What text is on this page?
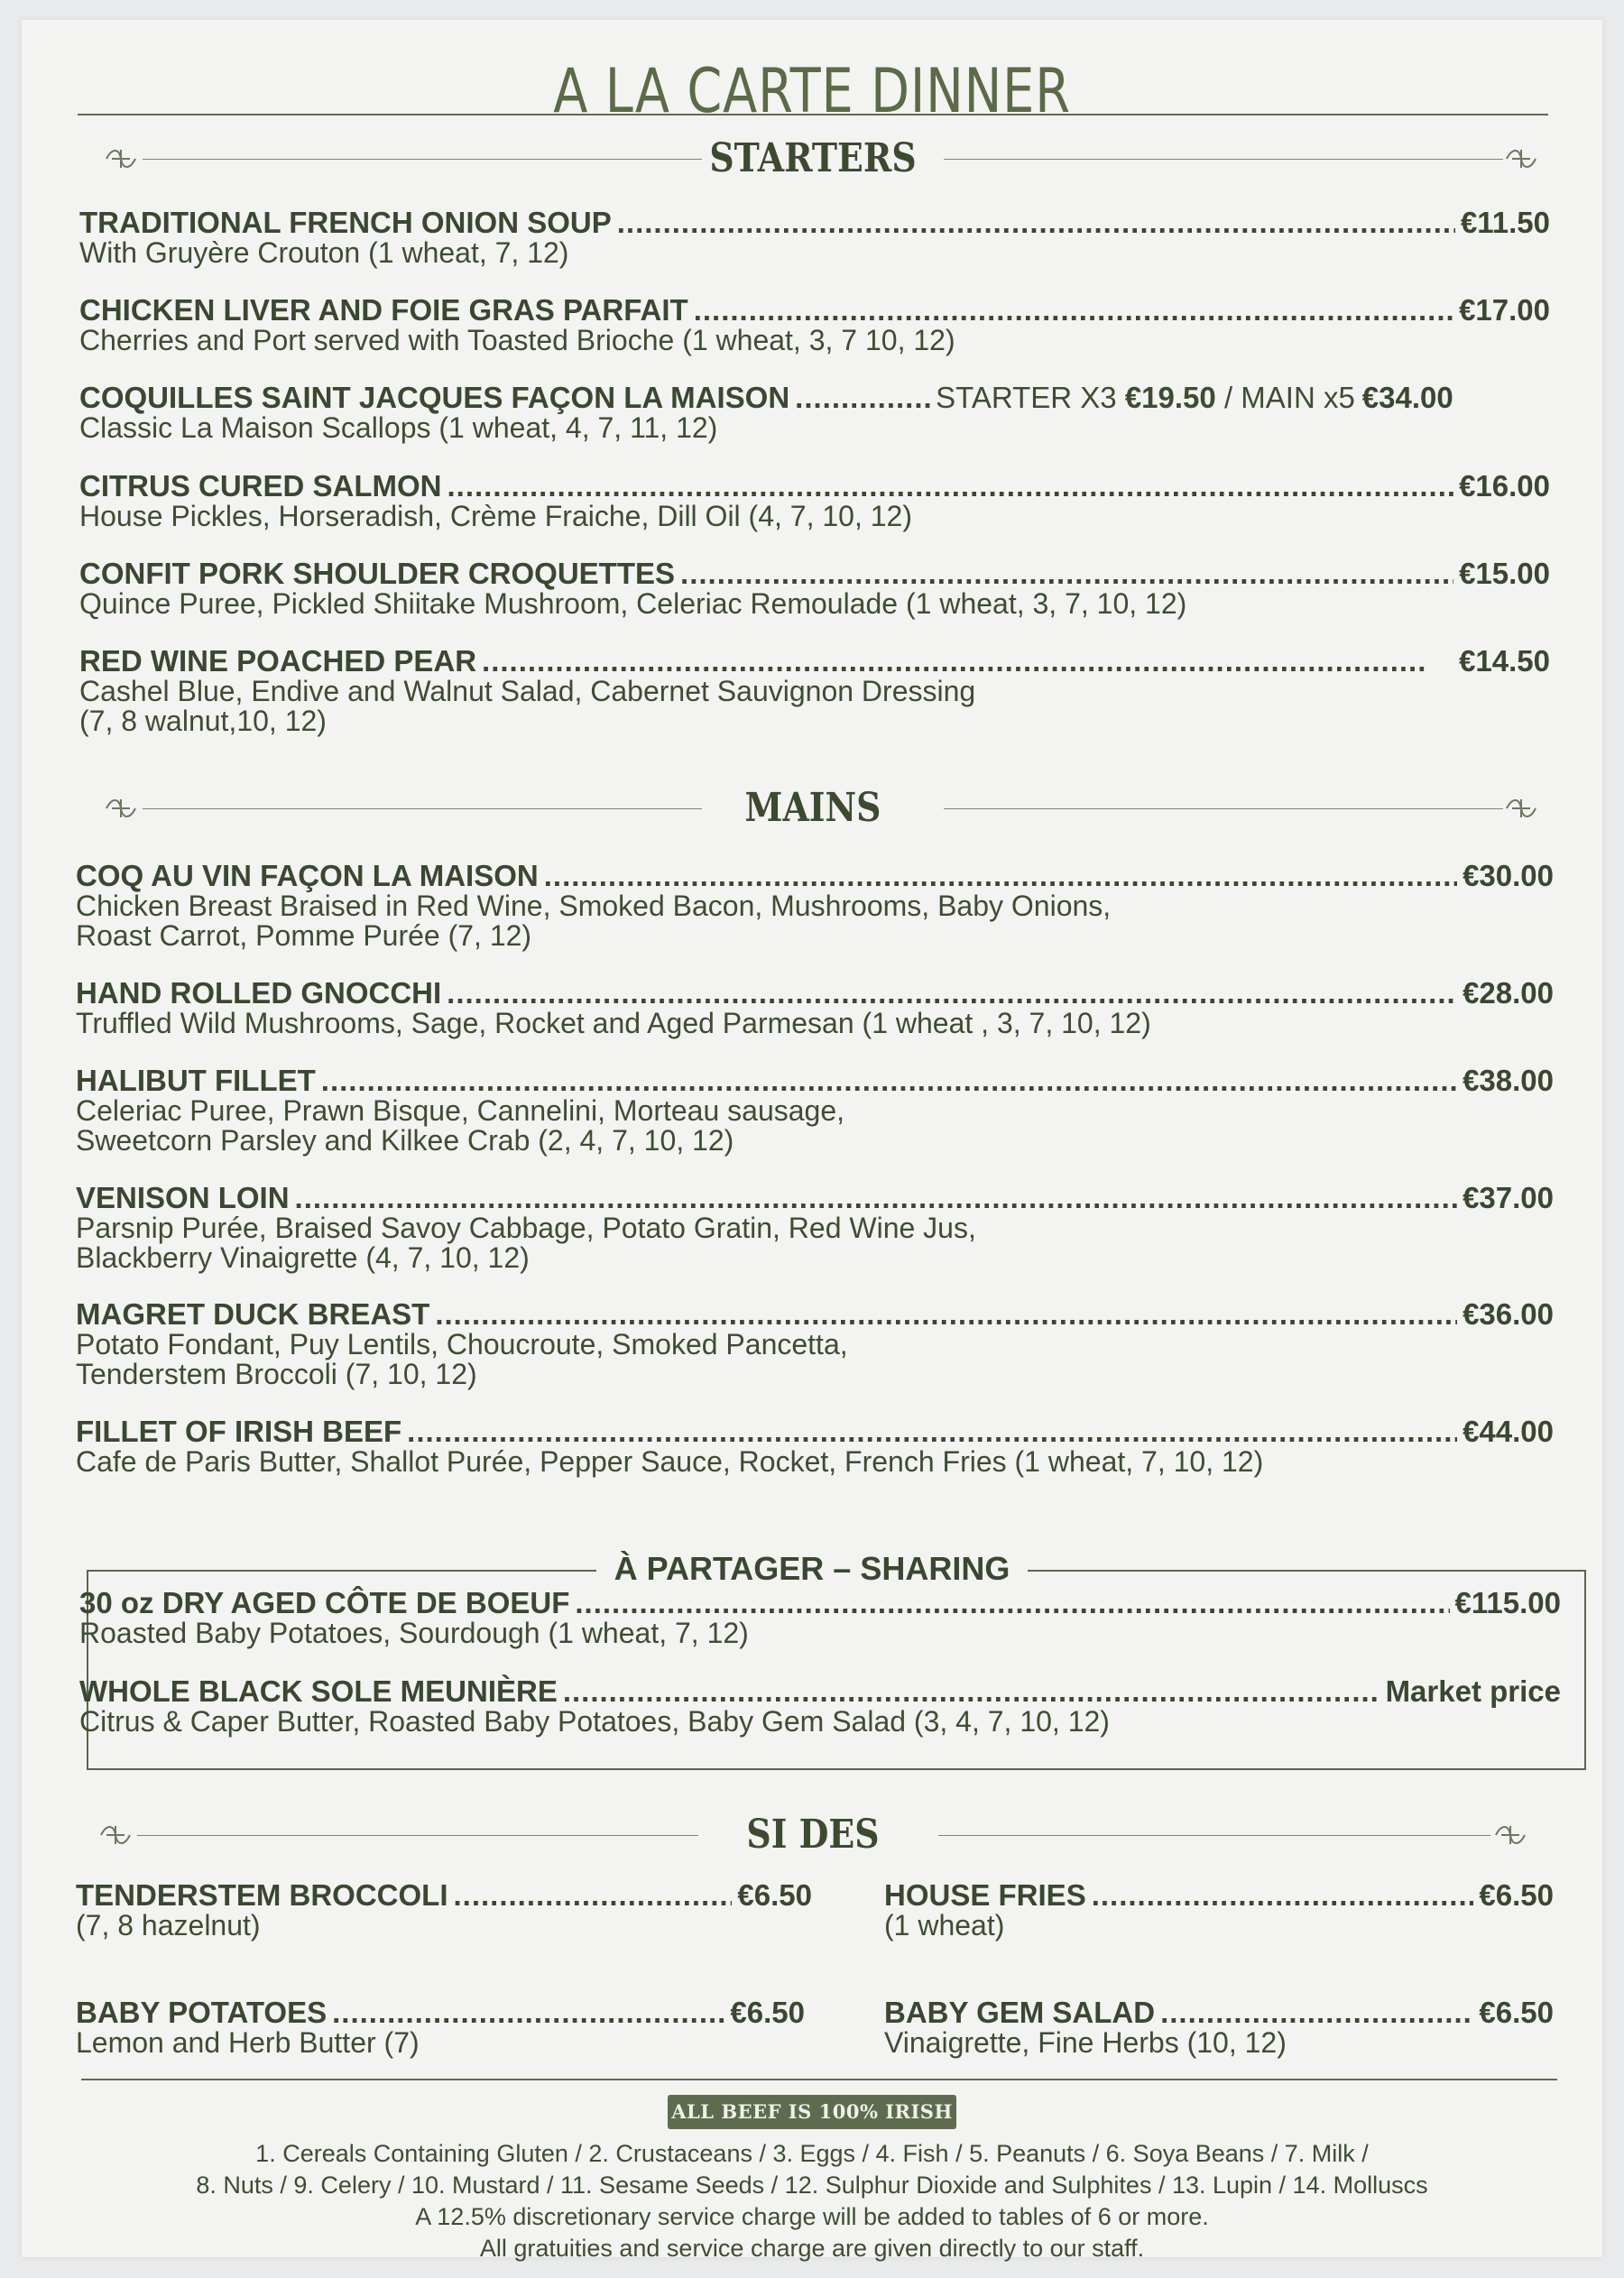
A LA CARTE DINNER
STARTERS
TRADITIONAL FRENCH ONION SOUP .....	€11.50
With Gruyère Crouton (1 wheat, 7, 12)
CHICKEN LIVER AND FOIE GRAS PARFAIT .....	€17.00
Cherries and Port served with Toasted Brioche (1 wheat, 3, 7 10, 12)
COQUILLES SAINT JACQUES FAÇON LA MAISON .....	STARTER X3 €19.50 / MAIN x5 €34.00
Classic La Maison Scallops (1 wheat, 4, 7, 11, 12)
CITRUS CURED SALMON .....	€16.00
House Pickles, Horseradish, Crème Fraiche, Dill Oil (4, 7, 10, 12)
CONFIT PORK SHOULDER CROQUETTES .....	€15.00
Quince Puree, Pickled Shiitake Mushroom, Celeriac Remoulade (1 wheat, 3, 7, 10, 12)
RED WINE POACHED PEAR .....	€14.50
Cashel Blue, Endive and Walnut Salad, Cabernet Sauvignon Dressing
(7, 8 walnut,10, 12)
MAINS
COQ AU VIN FAÇON LA MAISON .....	€30.00
Chicken Breast Braised in Red Wine, Smoked Bacon, Mushrooms, Baby Onions,
Roast Carrot, Pomme Purée (7, 12)
HAND ROLLED GNOCCHI .....	€28.00
Truffled Wild Mushrooms, Sage, Rocket and Aged Parmesan (1 wheat , 3, 7, 10, 12)
HALIBUT FILLET .....	€38.00
Celeriac Puree, Prawn Bisque, Cannelini, Morteau sausage,
Sweetcorn Parsley and Kilkee Crab (2, 4, 7, 10, 12)
VENISON LOIN .....	€37.00
Parsnip Purée, Braised Savoy Cabbage, Potato Gratin, Red Wine Jus,
Blackberry Vinaigrette (4, 7, 10, 12)
MAGRET DUCK BREAST .....	€36.00
Potato Fondant, Puy Lentils, Choucroute, Smoked Pancetta,
Tenderstem Broccoli (7, 10, 12)
FILLET OF IRISH BEEF .....	€44.00
Cafe de Paris Butter, Shallot Purée, Pepper Sauce, Rocket, French Fries (1 wheat, 7, 10, 12)
À PARTAGER – SHARING
30 oz DRY AGED CÔTE DE BOEUF .....	€115.00
Roasted Baby Potatoes, Sourdough (1 wheat, 7, 12)
WHOLE BLACK SOLE MEUNIÈRE .....	Market price
Citrus & Caper Butter, Roasted Baby Potatoes, Baby Gem Salad (3, 4, 7, 10, 12)
SI DES
TENDERSTEM BROCCOLI .....	€6.50
(7, 8 hazelnut)
HOUSE FRIES .....	€6.50
(1 wheat)
BABY POTATOES .....	€6.50
Lemon and Herb Butter (7)
BABY GEM SALAD .....	€6.50
Vinaigrette, Fine Herbs (10, 12)
ALL BEEF IS 100% IRISH
1. Cereals Containing Gluten / 2. Crustaceans / 3. Eggs / 4. Fish / 5. Peanuts / 6. Soya Beans / 7. Milk /
8. Nuts / 9. Celery / 10. Mustard / 11. Sesame Seeds / 12. Sulphur Dioxide and Sulphites / 13. Lupin / 14. Molluscs
A 12.5% discretionary service charge will be added to tables of 6 or more.
All gratuities and service charge are given directly to our staff.
